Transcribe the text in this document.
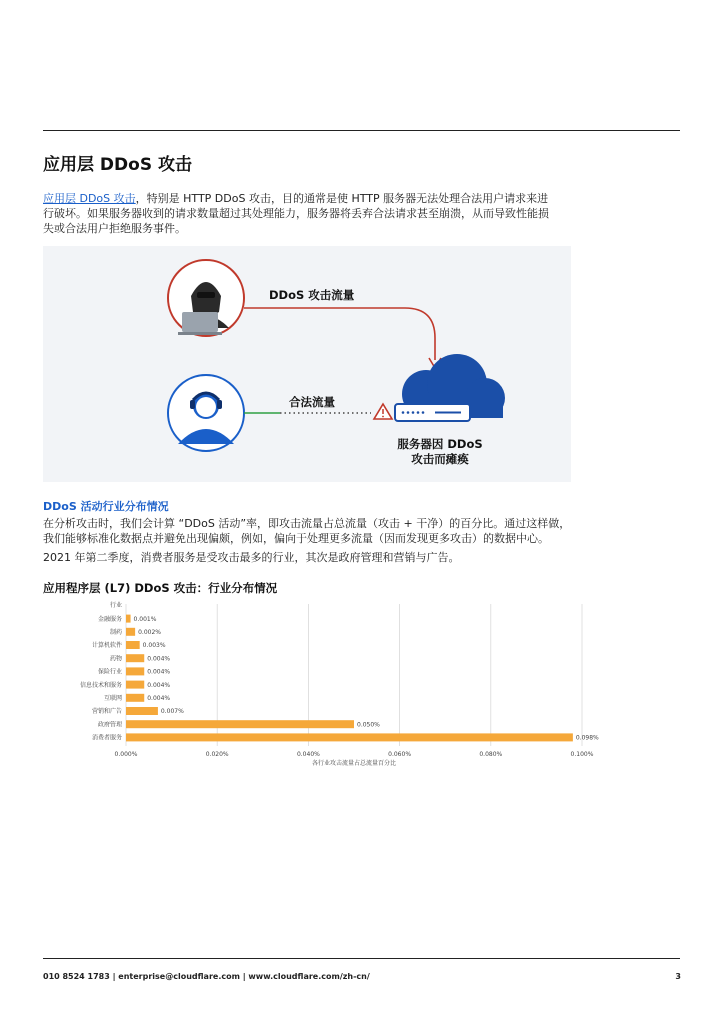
应用层 DDoS 攻击
应用层 DDoS 攻击，特别是 HTTP DDoS 攻击，目的通常是使 HTTP 服务器无法处理合法用户请求来进
行破坏。如果服务器收到的请求数量超过其处理能力，服务器将丢弃合法请求甚至崩溃，从而导致性能损
失或合法用户拒绝服务事件。
DDoS 攻击流量
合法流量
服务器因 DDoS
攻击而瘫痪
DDoS 活动行业分布情况
在分析攻击时，我们会计算 “DDoS 活动”率，即攻击流量占总流量（攻击 + 干净）的百分比。通过这样做，
我们能够标准化数据点并避免出现偏颇，例如，偏向于处理更多流量（因而发现更多攻击）的数据中心。
2021 年第二季度，消费者服务是受攻击最多的行业，其次是政府管理和营销与广告。
应用程序层 (L7) DDoS 攻击：行业分布情况
0.000%	0.020%	0.040%	0.060%	0.080%	0.100%
行业
金融服务 0.001%
制药	0.002%
计算机软件	0.003%
药物	0.004%
保险行业	0.004%
信息技术和服务	0.004%
互联网	0.004%
营销和广告	0.007%
政府管理	0.050%
消费者服务	0.098%
各行业攻击流量占总流量百分比
010 8524 1783 | enterprise@cloudflare.com | www.cloudflare.com/zh-cn/	3
